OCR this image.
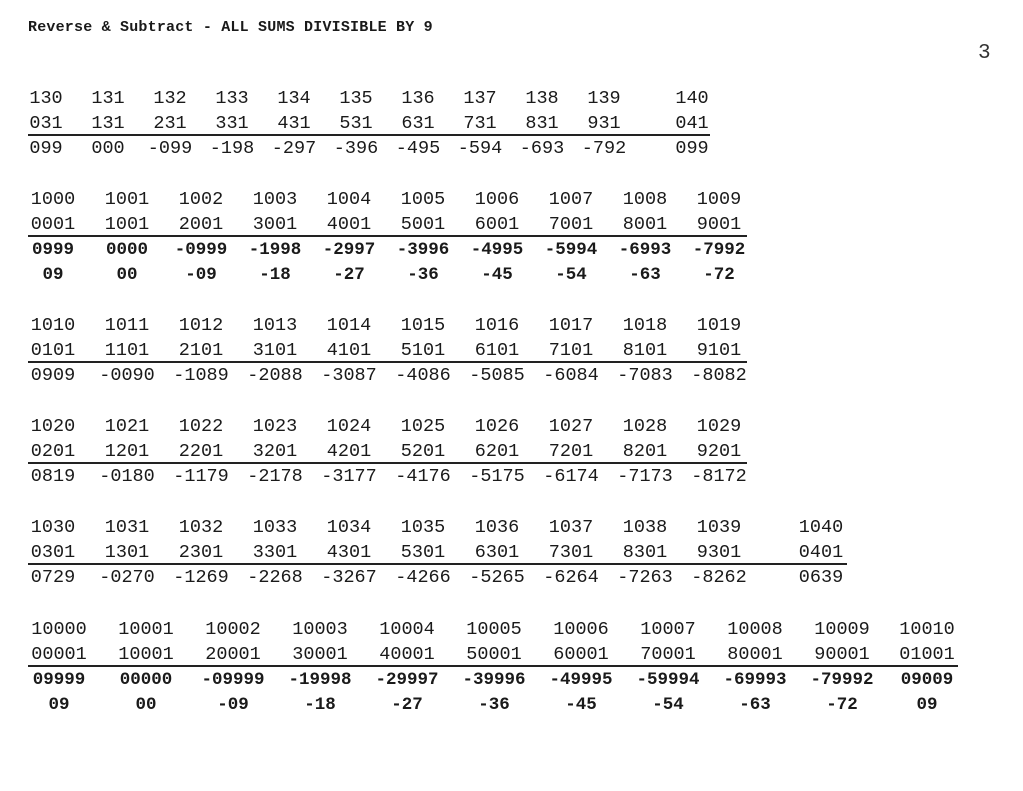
Reverse & Subtract - ALL SUMS DIVISIBLE BY 9
3
130 131 132 133 134 135 136 137 138 139	140
031 131 231 331 431 531 631 731 831 931	041
099 000 -099 -198 -297 -396 -495 -594 -693 -792	099
1000 1001 1002 1003 1004 1005 1006 1007 1008 1009
0001 1001 2001 3001 4001 5001 6001 7001 8001 9001
0999 0000 -0999 -1998 -2997 -3996 -4995 -5994 -6993 -7992
09	00	-09 -18 -27 -36 -45 -54 -63 -72
1010 1011 1012 1013 1014 1015 1016 1017 1018 1019
0101 1101 2101 3101 4101 5101 6101 7101 8101 9101
0909 -0090 -1089 -2088 -3087 -4086 -5085 -6084 -7083 -8082
1020 1021 1022 1023 1024 1025 1026 1027 1028 1029
0201 1201 2201 3201 4201 5201 6201 7201 8201 9201
0819 -0180 -1179 -2178 -3177 -4176 -5175 -6174 -7173 -8172
1030 1031 1032 1033 1034 1035 1036 1037 1038 1039	1040
0301 1301 2301 3301 4301 5301 6301 7301 8301 9301	0401
0729 -0270 -1269 -2268 -3267 -4266 -5265 -6264 -7263 -8262	0639
10000 10001 10002 10003 10004 10005 10006 10007 10008 10009 10010
00001 10001 20001 30001 40001 50001 60001 70001 80001 90001 01001
09999 00000 -09999 -19998 -29997 -39996 -49995 -59994 -69993 -79992 09009
09	00	-09	-18	-27	-36	-45	-54	-63	-72	09
